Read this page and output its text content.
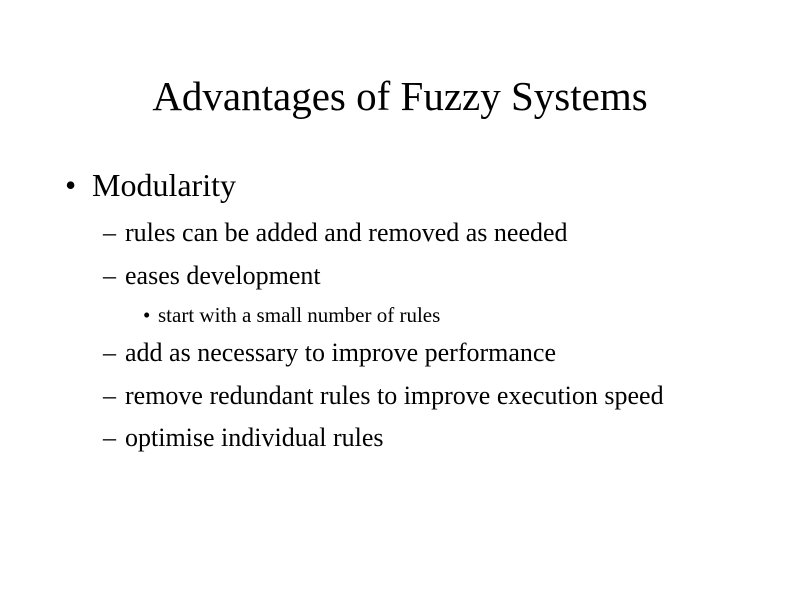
Advantages of Fuzzy Systems
• Modularity
– rules can be added and removed as needed
– eases development
• start with a small number of rules
– add as necessary to improve performance
– remove redundant rules to improve execution speed
– optimise individual rules
